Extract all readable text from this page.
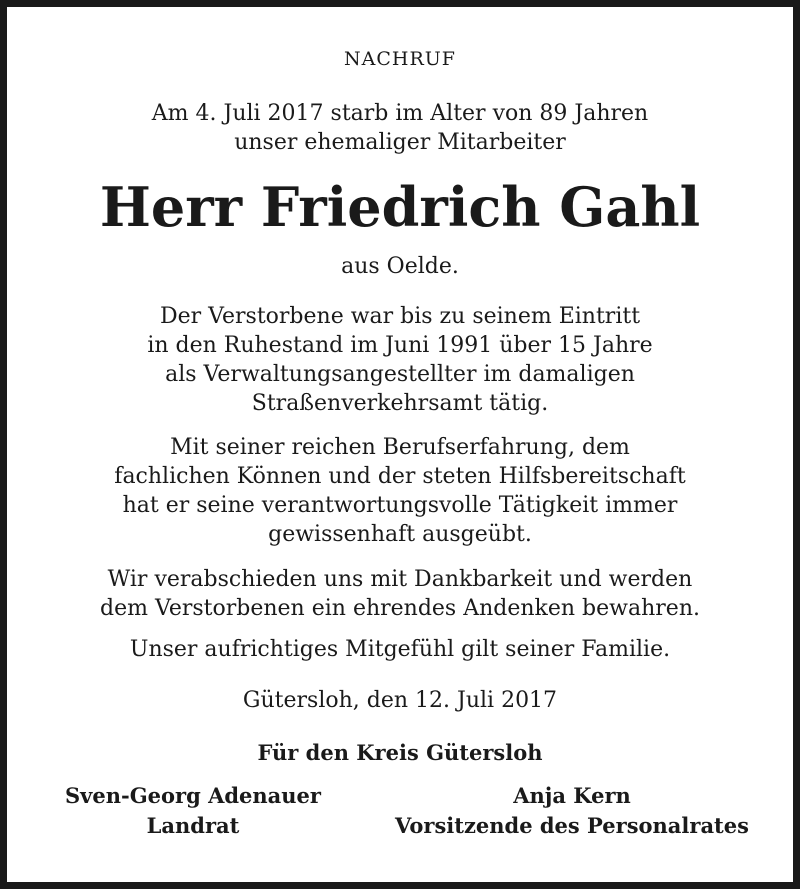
NACHRUF
Am 4. Juli 2017 starb im Alter von 89 Jahren
unser ehemaliger Mitarbeiter
Herr Friedrich Gahl
aus Oelde.
Der Verstorbene war bis zu seinem Eintritt
in den Ruhestand im Juni 1991 über 15 Jahre
als Verwaltungsangestellter im damaligen
Straßenverkehrsamt tätig.
Mit seiner reichen Berufserfahrung, dem
fachlichen Können und der steten Hilfsbereitschaft
hat er seine verantwortungsvolle Tätigkeit immer
gewissenhaft ausgeübt.
Wir verabschieden uns mit Dankbarkeit und werden
dem Verstorbenen ein ehrendes Andenken bewahren.
Unser aufrichtiges Mitgefühl gilt seiner Familie.
Gütersloh, den 12. Juli 2017
Für den Kreis Gütersloh
Sven-Georg Adenauer
Landrat
Anja Kern
Vorsitzende des Personalrates
